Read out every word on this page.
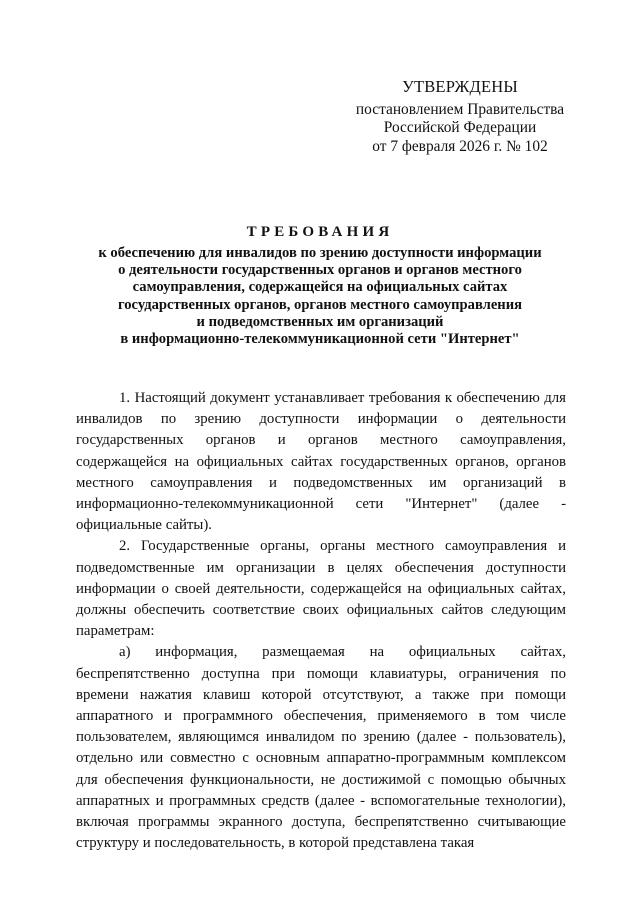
УТВЕРЖДЕНЫ
постановлением Правительства
Российской Федерации
от 7 февраля 2026 г. № 102
ТРЕБОВАНИЯ
к обеспечению для инвалидов по зрению доступности информации
о деятельности государственных органов и органов местного
самоуправления, содержащейся на официальных сайтах
государственных органов, органов местного самоуправления
и подведомственных им организаций
в информационно-телекоммуникационной сети "Интернет"

1. Настоящий документ устанавливает требования к обеспечению для инвалидов по зрению доступности информации о деятельности государственных органов и органов местного самоуправления, содержащейся на официальных сайтах государственных органов, органов местного самоуправления и подведомственных им организаций в информационно-телекоммуникационной сети "Интернет" (далее - официальные сайты).

2. Государственные органы, органы местного самоуправления и подведомственные им организации в целях обеспечения доступности информации о своей деятельности, содержащейся на официальных сайтах, должны обеспечить соответствие своих официальных сайтов следующим параметрам:

а) информация, размещаемая на официальных сайтах, беспрепятственно доступна при помощи клавиатуры, ограничения по времени нажатия клавиш которой отсутствуют, а также при помощи аппаратного и программного обеспечения, применяемого в том числе пользователем, являющимся инвалидом по зрению (далее - пользователь), отдельно или совместно с основным аппаратно-программным комплексом для обеспечения функциональности, не достижимой с помощью обычных аппаратных и программных средств (далее - вспомогательные технологии), включая программы экранного доступа, беспрепятственно считывающие структуру и последовательность, в которой представлена такая
